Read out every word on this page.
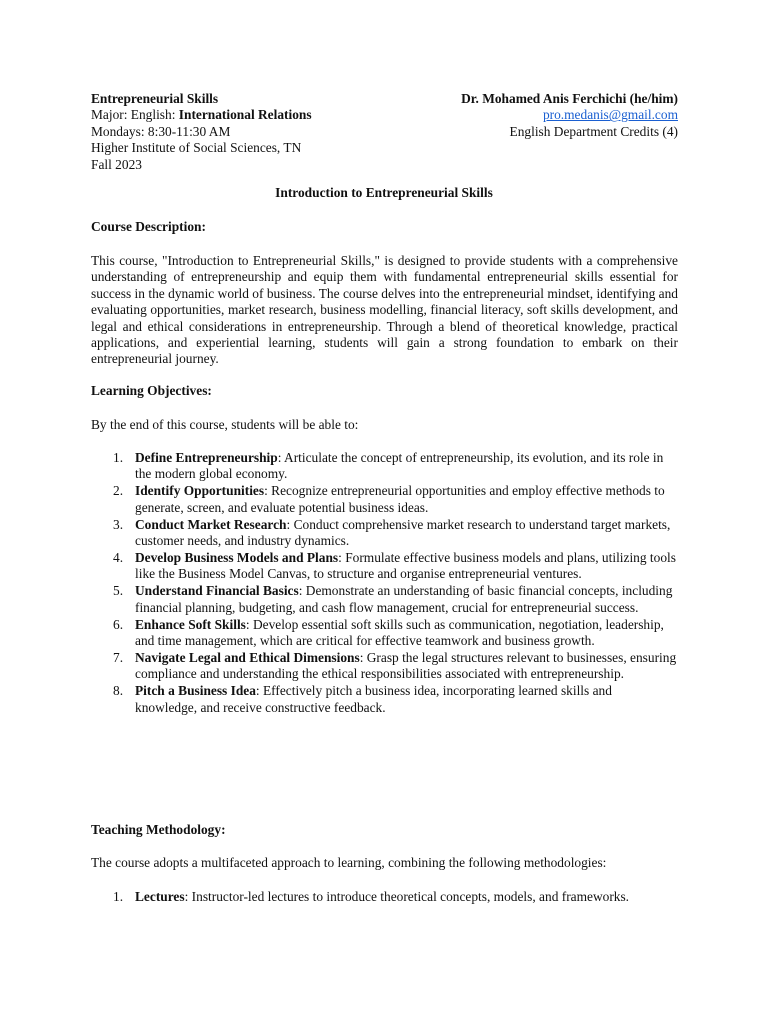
Entrepreneurial Skills
Major: English: International Relations
Mondays: 8:30-11:30 AM
Higher Institute of Social Sciences, TN
Fall 2023
Dr. Mohamed Anis Ferchichi (he/him)
pro.medanis@gmail.com
English Department Credits (4)
Introduction to Entrepreneurial Skills
Course Description:
This course, "Introduction to Entrepreneurial Skills," is designed to provide students with a comprehensive understanding of entrepreneurship and equip them with fundamental entrepreneurial skills essential for success in the dynamic world of business. The course delves into the entrepreneurial mindset, identifying and evaluating opportunities, market research, business modelling, financial literacy, soft skills development, and legal and ethical considerations in entrepreneurship. Through a blend of theoretical knowledge, practical applications, and experiential learning, students will gain a strong foundation to embark on their entrepreneurial journey.
Learning Objectives:
By the end of this course, students will be able to:
1. Define Entrepreneurship: Articulate the concept of entrepreneurship, its evolution, and its role in the modern global economy.
2. Identify Opportunities: Recognize entrepreneurial opportunities and employ effective methods to generate, screen, and evaluate potential business ideas.
3. Conduct Market Research: Conduct comprehensive market research to understand target markets, customer needs, and industry dynamics.
4. Develop Business Models and Plans: Formulate effective business models and plans, utilizing tools like the Business Model Canvas, to structure and organise entrepreneurial ventures.
5. Understand Financial Basics: Demonstrate an understanding of basic financial concepts, including financial planning, budgeting, and cash flow management, crucial for entrepreneurial success.
6. Enhance Soft Skills: Develop essential soft skills such as communication, negotiation, leadership, and time management, which are critical for effective teamwork and business growth.
7. Navigate Legal and Ethical Dimensions: Grasp the legal structures relevant to businesses, ensuring compliance and understanding the ethical responsibilities associated with entrepreneurship.
8. Pitch a Business Idea: Effectively pitch a business idea, incorporating learned skills and knowledge, and receive constructive feedback.
Teaching Methodology:
The course adopts a multifaceted approach to learning, combining the following methodologies:
1. Lectures: Instructor-led lectures to introduce theoretical concepts, models, and frameworks.
